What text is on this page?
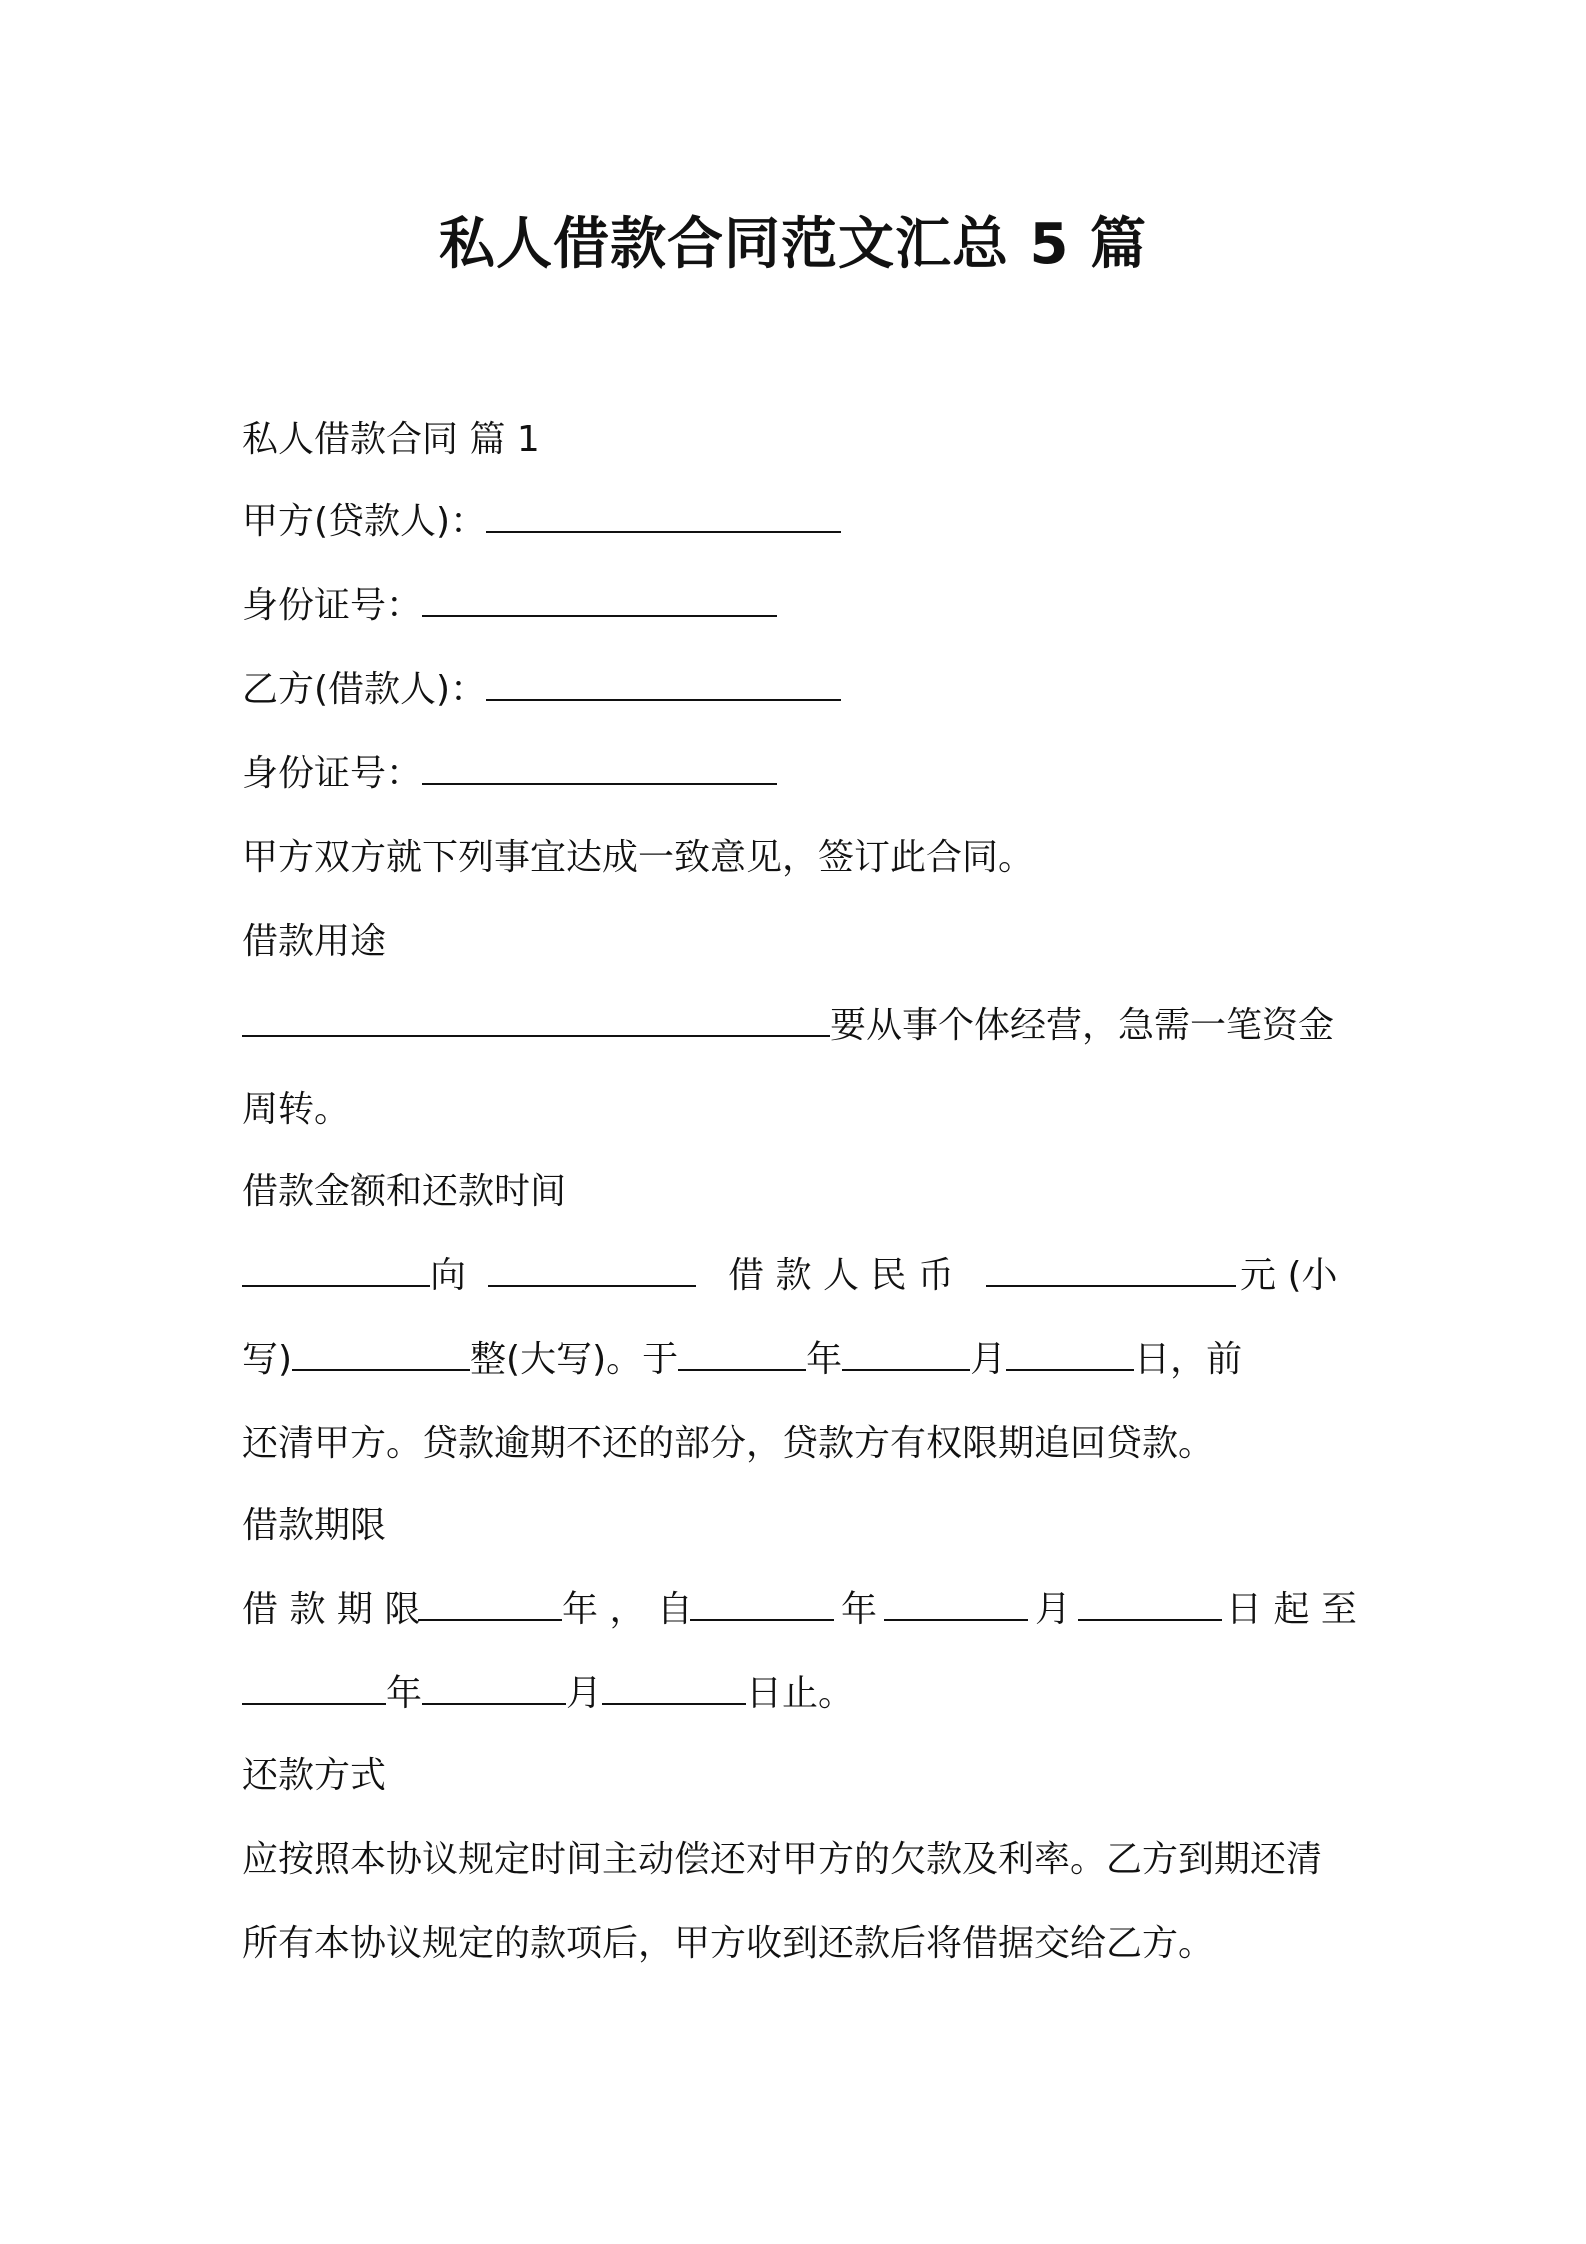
私人借款合同范文汇总 5 篇
私人借款合同 篇 1
甲方(贷款人)：
身份证号：
乙方(借款人)：
身份证号：
甲方双方就下列事宜达成一致意见，签订此合同。
借款用途
要从事个体经营，急需一笔资金
周转。
借款金额和还款时间
向	借 款 人 民 币	元 (小
写)	整(大写)。于	年	月	日，前
还清甲方。贷款逾期不还的部分，贷款方有权限期追回贷款。
借款期限
借 款 期 限	年 ， 自	年	月	日 起 至
年	月	日止。
还款方式
应按照本协议规定时间主动偿还对甲方的欠款及利率。乙方到期还清
所有本协议规定的款项后，甲方收到还款后将借据交给乙方。
